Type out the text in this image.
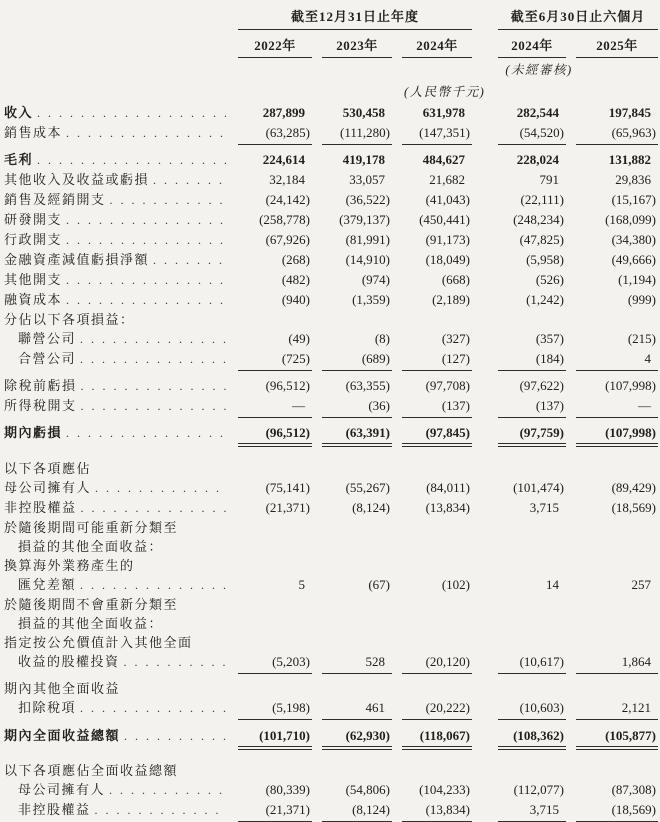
截至12月31日止年度	截至6月30日止六個月
2022年	2023年	2024年	2024年	2025年
(未經審核)
(人民幣千元)
收入 . . .	287,899	530,458	631,978	282,544	197,845
銷售成本 . . .	(63,285)	(111,280)	(147,351)	(54,520)	(65,963)
毛利 . . .	224,614	419,178	484,627	228,024	131,882
其他收入及收益或虧損 . . .	32,184	33,057	21,682	791	29,836
銷售及經銷開支 . . .	(24,142)	(36,522)	(41,043)	(22,111)	(15,167)
研發開支 . . .	(258,778)	(379,137)	(450,441)	(248,234)	(168,099)
行政開支 . . .	(67,926)	(81,991)	(91,173)	(47,825)	(34,380)
金融資產減值虧損淨額 . . .	(268)	(14,910)	(18,049)	(5,958)	(49,666)
其他開支 . . .	(482)	(974)	(668)	(526)	(1,194)
融資成本 . . .	(940)	(1,359)	(2,189)	(1,242)	(999)
分佔以下各項損益：
聯營公司 . . .	(49)	(8)	(327)	(357)	(215)
合營公司 . . .	(725)	(689)	(127)	(184)	4
除稅前虧損 . . .	(96,512)	(63,355)	(97,708)	(97,622)	(107,998)
所得稅開支 . . .	—	(36)	(137)	(137)	—
期內虧損 . . .	(96,512)	(63,391)	(97,845)	(97,759)	(107,998)
以下各項應佔
母公司擁有人 . . .	(75,141)	(55,267)	(84,011)	(101,474)	(89,429)
非控股權益 . . .	(21,371)	(8,124)	(13,834)	3,715	(18,569)
於隨後期間可能重新分類至
損益的其他全面收益：
換算海外業務產生的
匯兌差額 . . .	5	(67)	(102)	14	257
於隨後期間不會重新分類至
損益的其他全面收益：
指定按公允價值計入其他全面
收益的股權投資 . . .	(5,203)	528	(20,120)	(10,617)	1,864
期內其他全面收益
扣除稅項 . . .	(5,198)	461	(20,222)	(10,603)	2,121
期內全面收益總額 . . .	(101,710)	(62,930)	(118,067)	(108,362)	(105,877)
以下各項應佔全面收益總額
母公司擁有人 . . .	(80,339)	(54,806)	(104,233)	(112,077)	(87,308)
非控股權益 . . .	(21,371)	(8,124)	(13,834)	3,715	(18,569)
